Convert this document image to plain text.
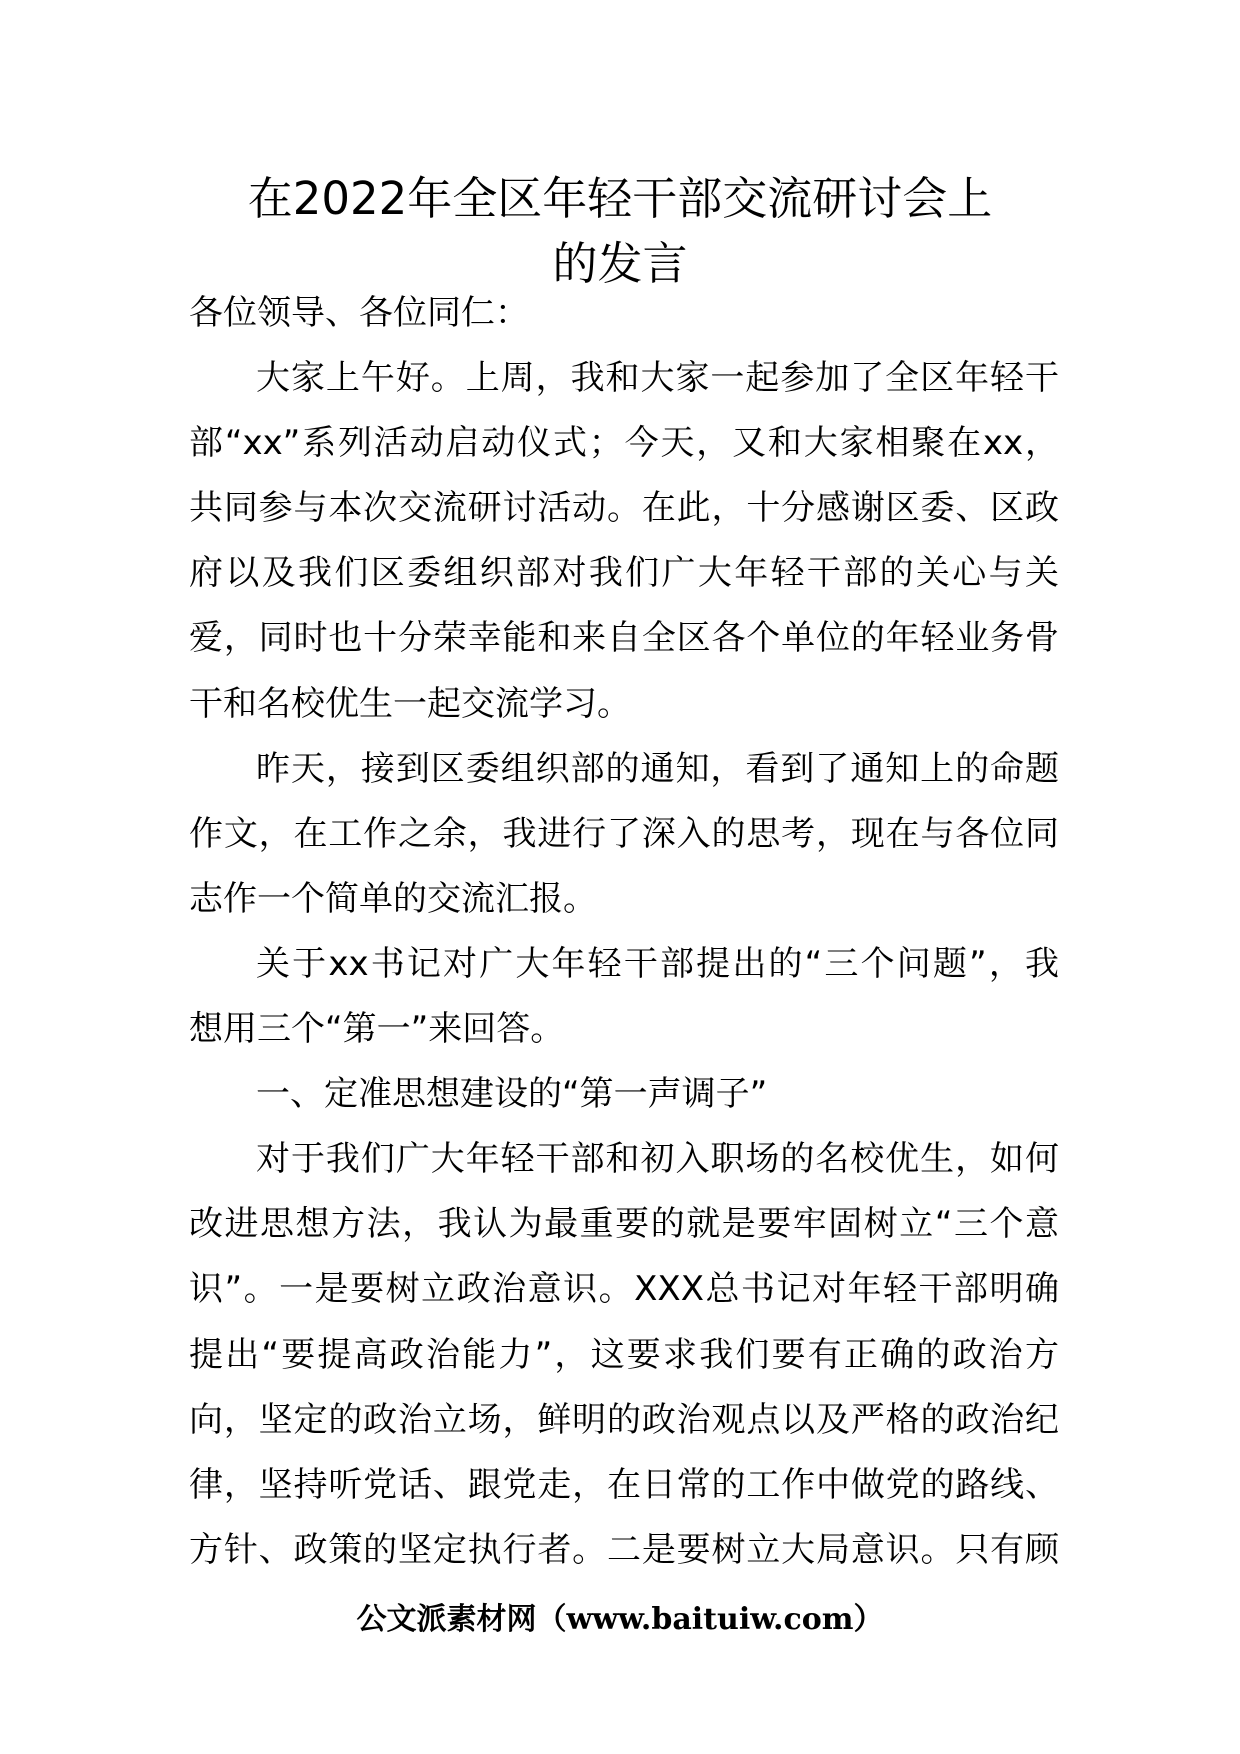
在2022年全区年轻干部交流研讨会上
的发言
各位领导、各位同仁：
大家上午好。上周，我和大家一起参加了全区年轻干
部“xx”系列活动启动仪式；今天，又和大家相聚在xx，
共同参与本次交流研讨活动。在此，十分感谢区委、区政
府以及我们区委组织部对我们广大年轻干部的关心与关
爱，同时也十分荣幸能和来自全区各个单位的年轻业务骨
干和名校优生一起交流学习。
昨天，接到区委组织部的通知，看到了通知上的命题
作文，在工作之余，我进行了深入的思考，现在与各位同
志作一个简单的交流汇报。
关于xx书记对广大年轻干部提出的“三个问题”，我
想用三个“第一”来回答。
一、定准思想建设的“第一声调子”
对于我们广大年轻干部和初入职场的名校优生，如何
改进思想方法，我认为最重要的就是要牢固树立“三个意
识”。一是要树立政治意识。XXX总书记对年轻干部明确
提出“要提高政治能力”，这要求我们要有正确的政治方
向，坚定的政治立场，鲜明的政治观点以及严格的政治纪
律，坚持听党话、跟党走，在日常的工作中做党的路线、
方针、政策的坚定执行者。二是要树立大局意识。只有顾
公文派素材网（www.baituiw.com）
